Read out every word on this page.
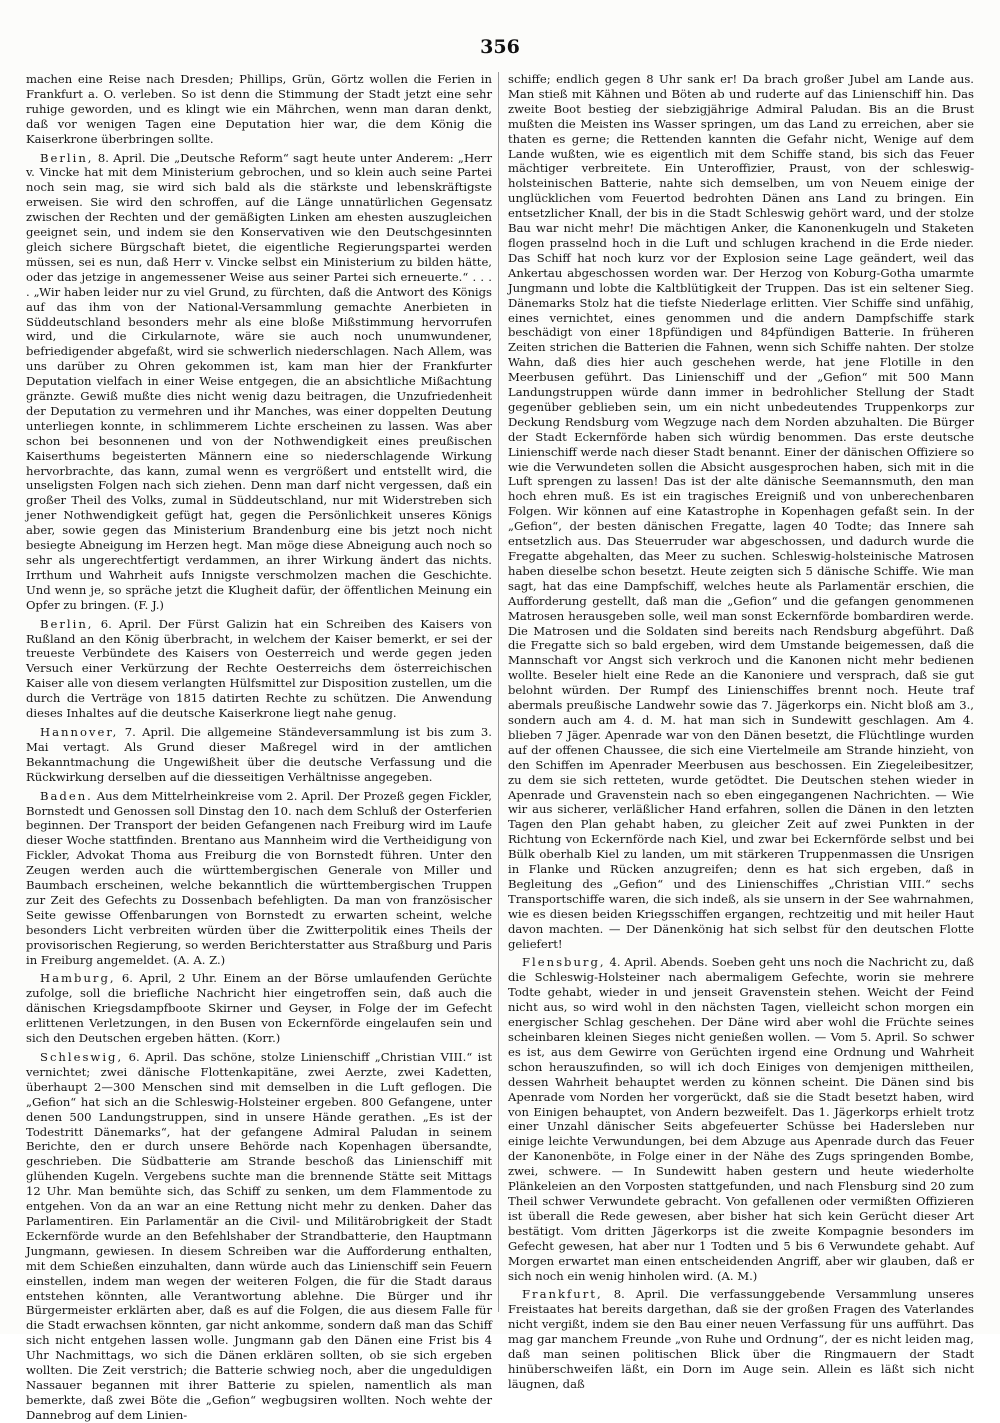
356

machen eine Reise nach Dresden; Phillips, Grün, Görtz wollen die Ferien in Frankfurt a. O. verleben. So ist denn die Stimmung der Stadt jetzt eine sehr ruhige geworden, und es klingt wie ein Mährchen, wenn man daran denkt, daß vor wenigen Tagen eine Deputation hier war, die dem König die Kaiserkrone überbringen sollte.

Berlin, 8. April. Die „Deutsche Reform“ sagt heute unter Anderem: „Herr v. Vincke hat mit dem Ministerium gebrochen, und so klein auch seine Partei noch sein mag, sie wird sich bald als die stärkste und lebenskräftigste erweisen. Sie wird den schroffen, auf die Länge unnatürlichen Gegensatz zwischen der Rechten und der gemäßigten Linken am ehesten auszugleichen geeignet sein, und indem sie den Konservativen wie den Deutschgesinnten gleich sichere Bürgschaft bietet, die eigentliche Regierungspartei werden müssen, sei es nun, daß Herr v. Vincke selbst ein Ministerium zu bilden hätte, oder das jetzige in angemessener Weise aus seiner Partei sich erneuerte.“ . . . . „Wir haben leider nur zu viel Grund, zu fürchten, daß die Antwort des Königs auf das ihm von der National-Versammlung gemachte Anerbieten in Süddeutschland besonders mehr als eine bloße Mißstimmung hervorrufen wird, und die Cirkularnote, wäre sie auch noch unumwundener, befriedigender abgefaßt, wird sie schwerlich niederschlagen. Nach Allem, was uns darüber zu Ohren gekommen ist, kam man hier der Frankfurter Deputation vielfach in einer Weise entgegen, die an absichtliche Mißachtung gränzte. Gewiß mußte dies nicht wenig dazu beitragen, die Unzufriedenheit der Deputation zu vermehren und ihr Manches, was einer doppelten Deutung unterliegen konnte, in schlimmerem Lichte erscheinen zu lassen. Was aber schon bei besonnenen und von der Nothwendigkeit eines preußischen Kaiserthums begeisterten Männern eine so niederschlagende Wirkung hervorbrachte, das kann, zumal wenn es vergrößert und entstellt wird, die unseligsten Folgen nach sich ziehen. Denn man darf nicht vergessen, daß ein großer Theil des Volks, zumal in Süddeutschland, nur mit Widerstreben sich jener Nothwendigkeit gefügt hat, gegen die Persönlichkeit unseres Königs aber, sowie gegen das Ministerium Brandenburg eine bis jetzt noch nicht besiegte Abneigung im Herzen hegt. Man möge diese Abneigung auch noch so sehr als ungerechtfertigt verdammen, an ihrer Wirkung ändert das nichts. Irrthum und Wahrheit aufs Innigste verschmolzen machen die Geschichte. Und wenn je, so spräche jetzt die Klugheit dafür, der öffentlichen Meinung ein Opfer zu bringen. (F. J.)

Berlin, 6. April. Der Fürst Galizin hat ein Schreiben des Kaisers von Rußland an den König überbracht, in welchem der Kaiser bemerkt, er sei der treueste Verbündete des Kaisers von Oesterreich und werde gegen jeden Versuch einer Verkürzung der Rechte Oesterreichs dem österreichischen Kaiser alle von diesem verlangten Hülfsmittel zur Disposition zustellen, um die durch die Verträge von 1815 datirten Rechte zu schützen. Die Anwendung dieses Inhaltes auf die deutsche Kaiserkrone liegt nahe genug.

Hannover, 7. April. Die allgemeine Ständeversammlung ist bis zum 3. Mai vertagt. Als Grund dieser Maßregel wird in der amtlichen Bekanntmachung die Ungewißheit über die deutsche Verfassung und die Rückwirkung derselben auf die diesseitigen Verhältnisse angegeben.

Baden. Aus dem Mittelrheinkreise vom 2. April. Der Prozeß gegen Fickler, Bornstedt und Genossen soll Dinstag den 10. nach dem Schluß der Osterferien beginnen. Der Transport der beiden Gefangenen nach Freiburg wird im Laufe dieser Woche stattfinden. Brentano aus Mannheim wird die Vertheidigung von Fickler, Advokat Thoma aus Freiburg die von Bornstedt führen. Unter den Zeugen werden auch die württembergischen Generale von Miller und Baumbach erscheinen, welche bekanntlich die württembergischen Truppen zur Zeit des Gefechts zu Dossenbach befehligten. Da man von französischer Seite gewisse Offenbarungen von Bornstedt zu erwarten scheint, welche besonders Licht verbreiten würden über die Zwitterpolitik eines Theils der provisorischen Regierung, so werden Berichterstatter aus Straßburg und Paris in Freiburg angemeldet. (A. A. Z.)

Hamburg, 6. April, 2 Uhr. Einem an der Börse umlaufenden Gerüchte zufolge, soll die briefliche Nachricht hier eingetroffen sein, daß auch die dänischen Kriegsdampfboote Skirner und Geyser, in Folge der im Gefecht erlittenen Verletzungen, in den Busen von Eckernförde eingelaufen sein und sich den Deutschen ergeben hätten. (Korr.)

Schleswig, 6. April. Das schöne, stolze Linienschiff „Christian VIII.“ ist vernichtet; zwei dänische Flottenkapitäne, zwei Aerzte, zwei Kadetten, überhaupt 2—300 Menschen sind mit demselben in die Luft geflogen. Die „Gefion“ hat sich an die Schleswig-Holsteiner ergeben. 800 Gefangene, unter denen 500 Landungstruppen, sind in unsere Hände gerathen. „Es ist der Todestritt Dänemarks“, hat der gefangene Admiral Paludan in seinem Berichte, den er durch unsere Behörde nach Kopenhagen übersandte, geschrieben. Die Südbatterie am Strande beschoß das Linienschiff mit glühenden Kugeln. Vergebens suchte man die brennende Stätte seit Mittags 12 Uhr. Man bemühte sich, das Schiff zu senken, um dem Flammentode zu entgehen. Von da an war an eine Rettung nicht mehr zu denken. Daher das Parlamentiren. Ein Parlamentär an die Civil- und Militärobrigkeit der Stadt Eckernförde wurde an den Befehlshaber der Strandbatterie, den Hauptmann Jungmann, gewiesen. In diesem Schreiben war die Aufforderung enthalten, mit dem Schießen einzuhalten, dann würde auch das Linienschiff sein Feuern einstellen, indem man wegen der weiteren Folgen, die für die Stadt daraus entstehen könnten, alle Verantwortung ablehne. Die Bürger und ihr Bürgermeister erklärten aber, daß es auf die Folgen, die aus diesem Falle für die Stadt erwachsen könnten, gar nicht ankomme, sondern daß man das Schiff sich nicht entgehen lassen wolle. Jungmann gab den Dänen eine Frist bis 4 Uhr Nachmittags, wo sich die Dänen erklären sollten, ob sie sich ergeben wollten. Die Zeit verstrich; die Batterie schwieg noch, aber die ungeduldigen Nassauer begannen mit ihrer Batterie zu spielen, namentlich als man bemerkte, daß zwei Böte die „Gefion“ wegbugsiren wollten. Noch wehte der Dannebrog auf dem Linien-

schiffe; endlich gegen 8 Uhr sank er! Da brach großer Jubel am Lande aus. Man stieß mit Kähnen und Böten ab und ruderte auf das Linienschiff hin. Das zweite Boot bestieg der siebzigjährige Admiral Paludan. Bis an die Brust mußten die Meisten ins Wasser springen, um das Land zu erreichen, aber sie thaten es gerne; die Rettenden kannten die Gefahr nicht, Wenige auf dem Lande wußten, wie es eigentlich mit dem Schiffe stand, bis sich das Feuer mächtiger verbreitete. Ein Unteroffizier, Praust, von der schleswig-holsteinischen Batterie, nahte sich demselben, um von Neuem einige der unglücklichen vom Feuertod bedrohten Dänen ans Land zu bringen. Ein entsetzlicher Knall, der bis in die Stadt Schleswig gehört ward, und der stolze Bau war nicht mehr! Die mächtigen Anker, die Kanonenkugeln und Staketen flogen prasselnd hoch in die Luft und schlugen krachend in die Erde nieder. Das Schiff hat noch kurz vor der Explosion seine Lage geändert, weil das Ankertau abgeschossen worden war. Der Herzog von Koburg-Gotha umarmte Jungmann und lobte die Kaltblütigkeit der Truppen. Das ist ein seltener Sieg. Dänemarks Stolz hat die tiefste Niederlage erlitten. Vier Schiffe sind unfähig, eines vernichtet, eines genommen und die andern Dampfschiffe stark beschädigt von einer 18pfündigen und 84pfündigen Batterie. In früheren Zeiten strichen die Batterien die Fahnen, wenn sich Schiffe nahten. Der stolze Wahn, daß dies hier auch geschehen werde, hat jene Flotille in den Meerbusen geführt. Das Linienschiff und der „Gefion“ mit 500 Mann Landungstruppen würde dann immer in bedrohlicher Stellung der Stadt gegenüber geblieben sein, um ein nicht unbedeutendes Truppenkorps zur Deckung Rendsburg vom Wegzuge nach dem Norden abzuhalten. Die Bürger der Stadt Eckernförde haben sich würdig benommen. Das erste deutsche Linienschiff werde nach dieser Stadt benannt. Einer der dänischen Offiziere so wie die Verwundeten sollen die Absicht ausgesprochen haben, sich mit in die Luft sprengen zu lassen! Das ist der alte dänische Seemannsmuth, den man hoch ehren muß. Es ist ein tragisches Ereigniß und von unberechenbaren Folgen. Wir können auf eine Katastrophe in Kopenhagen gefaßt sein. In der „Gefion“, der besten dänischen Fregatte, lagen 40 Todte; das Innere sah entsetzlich aus. Das Steuerruder war abgeschossen, und dadurch wurde die Fregatte abgehalten, das Meer zu suchen. Schleswig-holsteinische Matrosen haben dieselbe schon besetzt. Heute zeigten sich 5 dänische Schiffe. Wie man sagt, hat das eine Dampfschiff, welches heute als Parlamentär erschien, die Aufforderung gestellt, daß man die „Gefion“ und die gefangen genommenen Matrosen herausgeben solle, weil man sonst Eckernförde bombardiren werde. Die Matrosen und die Soldaten sind bereits nach Rendsburg abgeführt. Daß die Fregatte sich so bald ergeben, wird dem Umstande beigemessen, daß die Mannschaft vor Angst sich verkroch und die Kanonen nicht mehr bedienen wollte. Beseler hielt eine Rede an die Kanoniere und versprach, daß sie gut belohnt würden. Der Rumpf des Linienschiffes brennt noch. Heute traf abermals preußische Landwehr sowie das 7. Jägerkorps ein. Nicht bloß am 3., sondern auch am 4. d. M. hat man sich in Sundewitt geschlagen. Am 4. blieben 7 Jäger. Apenrade war von den Dänen besetzt, die Flüchtlinge wurden auf der offenen Chaussee, die sich eine Viertelmeile am Strande hinzieht, von den Schiffen im Apenrader Meerbusen aus beschossen. Ein Ziegeleibesitzer, zu dem sie sich retteten, wurde getödtet. Die Deutschen stehen wieder in Apenrade und Gravenstein nach so eben eingegangenen Nachrichten. — Wie wir aus sicherer, verläßlicher Hand erfahren, sollen die Dänen in den letzten Tagen den Plan gehabt haben, zu gleicher Zeit auf zwei Punkten in der Richtung von Eckernförde nach Kiel, und zwar bei Eckernförde selbst und bei Bülk oberhalb Kiel zu landen, um mit stärkeren Truppenmassen die Unsrigen in Flanke und Rücken anzugreifen; denn es hat sich ergeben, daß in Begleitung des „Gefion“ und des Linienschiffes „Christian VIII.“ sechs Transportschiffe waren, die sich indeß, als sie unsern in der See wahrnahmen, wie es diesen beiden Kriegsschiffen ergangen, rechtzeitig und mit heiler Haut davon machten. — Der Dänenkönig hat sich selbst für den deutschen Flotte geliefert!

Flensburg, 4. April. Abends. Soeben geht uns noch die Nachricht zu, daß die Schleswig-Holsteiner nach abermaligem Gefechte, worin sie mehrere Todte gehabt, wieder in und jenseit Gravenstein stehen. Weicht der Feind nicht aus, so wird wohl in den nächsten Tagen, vielleicht schon morgen ein energischer Schlag geschehen. Der Däne wird aber wohl die Früchte seines scheinbaren kleinen Sieges nicht genießen wollen. — Vom 5. April. So schwer es ist, aus dem Gewirre von Gerüchten irgend eine Ordnung und Wahrheit schon herauszufinden, so will ich doch Einiges von demjenigen mittheilen, dessen Wahrheit behauptet werden zu können scheint. Die Dänen sind bis Apenrade vom Norden her vorgerückt, daß sie die Stadt besetzt haben, wird von Einigen behauptet, von Andern bezweifelt. Das 1. Jägerkorps erhielt trotz einer Unzahl dänischer Seits abgefeuerter Schüsse bei Hadersleben nur einige leichte Verwundungen, bei dem Abzuge aus Apenrade durch das Feuer der Kanonenböte, in Folge einer in der Nähe des Zugs springenden Bombe, zwei, schwere. — In Sundewitt haben gestern und heute wiederholte Plänkeleien an den Vorposten stattgefunden, und nach Flensburg sind 20 zum Theil schwer Verwundete gebracht. Von gefallenen oder vermißten Offizieren ist überall die Rede gewesen, aber bisher hat sich kein Gerücht dieser Art bestätigt. Vom dritten Jägerkorps ist die zweite Kompagnie besonders im Gefecht gewesen, hat aber nur 1 Todten und 5 bis 6 Verwundete gehabt. Auf Morgen erwartet man einen entscheidenden Angriff, aber wir glauben, daß er sich noch ein wenig hinholen wird. (A. M.)

Frankfurt, 8. April. Die verfassunggebende Versammlung unseres Freistaates hat bereits dargethan, daß sie der großen Fragen des Vaterlandes nicht vergißt, indem sie den Bau einer neuen Verfassung für uns aufführt. Das mag gar manchem Freunde „von Ruhe und Ordnung“, der es nicht leiden mag, daß man seinen politischen Blick über die Ringmauern der Stadt hinüberschweifen läßt, ein Dorn im Auge sein. Allein es läßt sich nicht läugnen, daß
